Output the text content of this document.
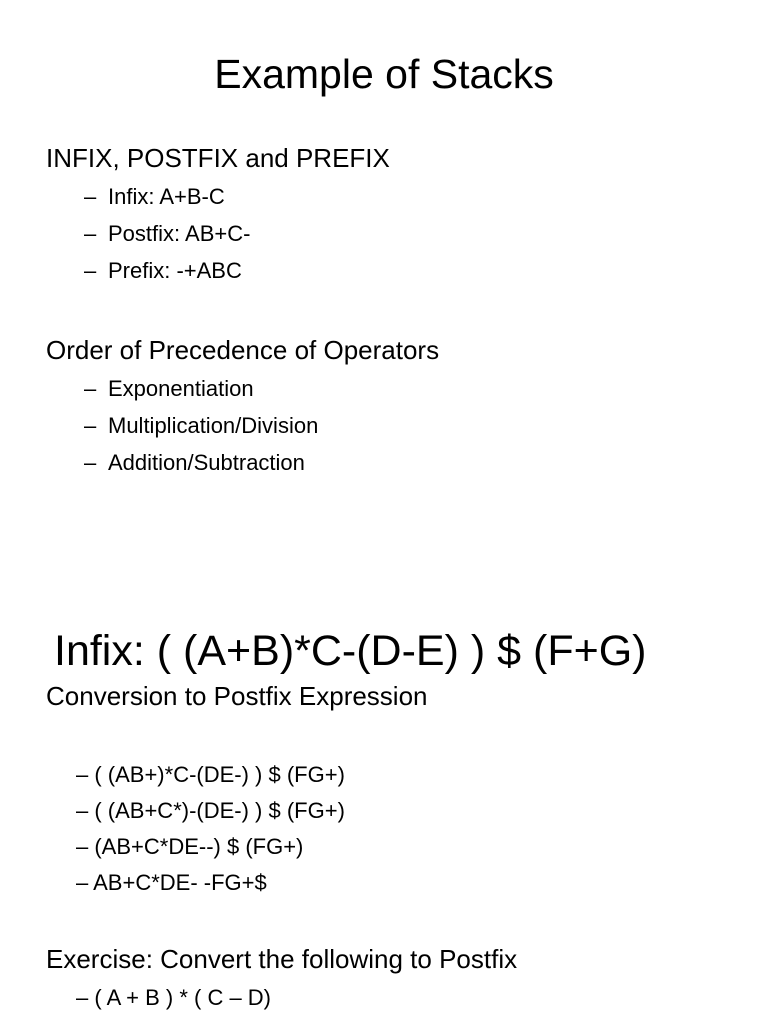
Example of Stacks
INFIX, POSTFIX and PREFIX
– Infix: A+B-C
– Postfix: AB+C-
– Prefix: -+ABC
Order of Precedence of Operators
– Exponentiation
– Multiplication/Division
– Addition/Subtraction
Infix: ( (A+B)*C-(D-E) ) $ (F+G)
Conversion to Postfix Expression
– ( (AB+)*C-(DE-) ) $ (FG+)
– ( (AB+C*)-(DE-) ) $ (FG+)
– (AB+C*DE--) $ (FG+)
– AB+C*DE- -FG+$
Exercise: Convert the following to Postfix
– ( A + B ) * ( C – D)
